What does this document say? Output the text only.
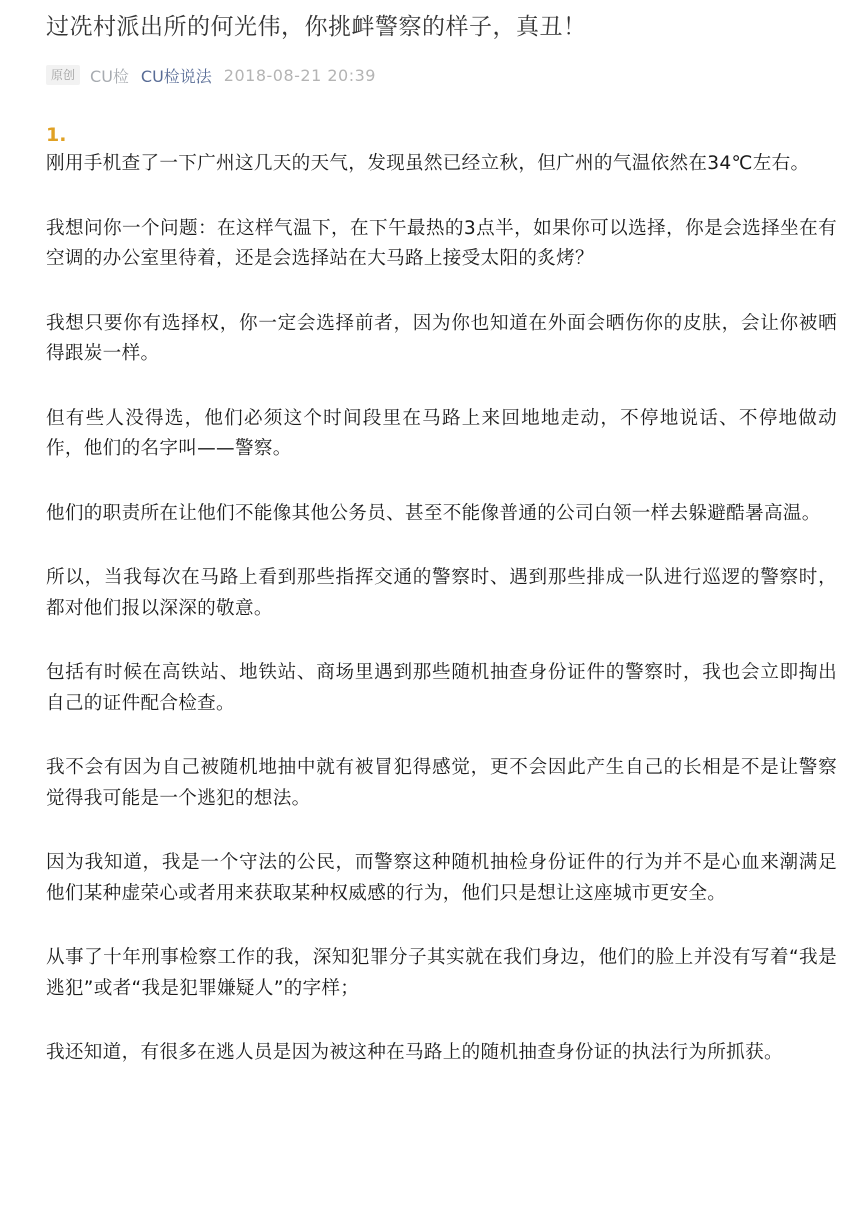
过冼村派出所的何光伟，你挑衅警察的样子，真丑！
原创 CU检 CU检说法 2018-08-21 20:39

1.

刚用手机查了一下广州这几天的天气，发现虽然已经立秋，但广州的气温依然在34℃左右。

我想问你一个问题：在这样气温下，在下午最热的3点半，如果你可以选择，你是会选择坐在有空调的办公室里待着，还是会选择站在大马路上接受太阳的炙烤？

我想只要你有选择权，你一定会选择前者，因为你也知道在外面会晒伤你的皮肤，会让你被晒得跟炭一样。

但有些人没得选，他们必须这个时间段里在马路上来回地地走动，不停地说话、不停地做动作，他们的名字叫——警察。

他们的职责所在让他们不能像其他公务员、甚至不能像普通的公司白领一样去躲避酷暑高温。

所以，当我每次在马路上看到那些指挥交通的警察时、遇到那些排成一队进行巡逻的警察时，都对他们报以深深的敬意。

包括有时候在高铁站、地铁站、商场里遇到那些随机抽查身份证件的警察时，我也会立即掏出自己的证件配合检查。

我不会有因为自己被随机地抽中就有被冒犯得感觉，更不会因此产生自己的长相是不是让警察觉得我可能是一个逃犯的想法。

因为我知道，我是一个守法的公民，而警察这种随机抽检身份证件的行为并不是心血来潮满足他们某种虚荣心或者用来获取某种权威感的行为，他们只是想让这座城市更安全。

从事了十年刑事检察工作的我，深知犯罪分子其实就在我们身边，他们的脸上并没有写着“我是逃犯”或者“我是犯罪嫌疑人”的字样；

我还知道，有很多在逃人员是因为被这种在马路上的随机抽查身份证的执法行为所抓获。
